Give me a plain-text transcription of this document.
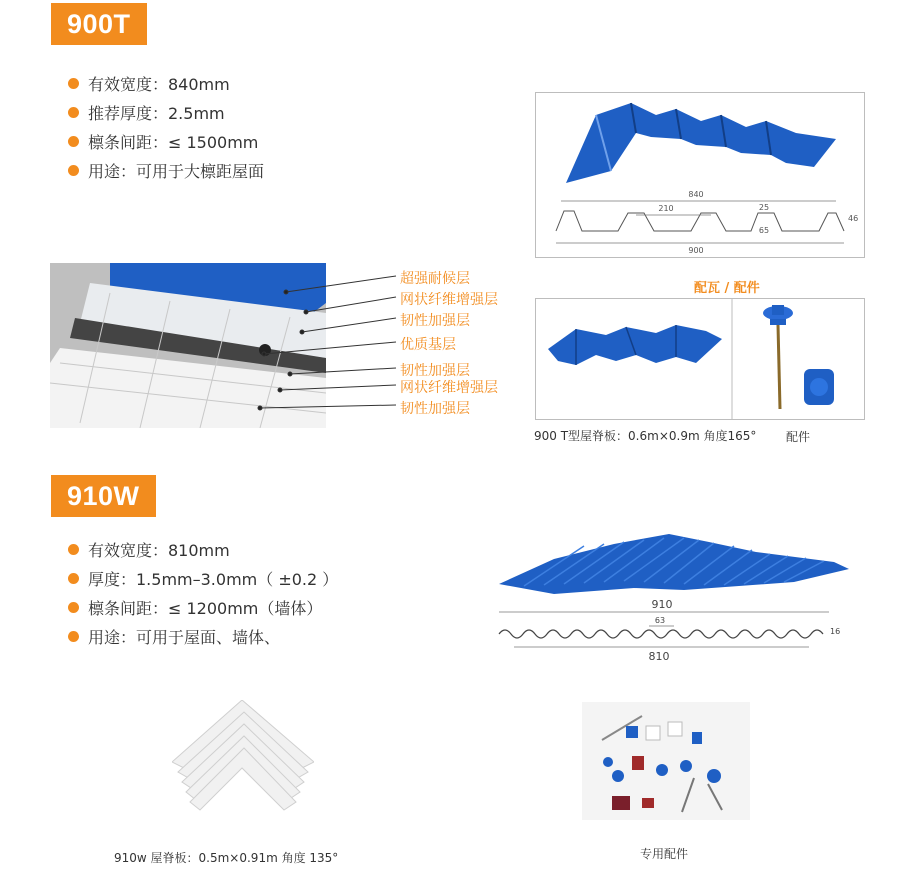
900T
有效宽度：840mm
推荐厚度：2.5mm
檩条间距：≤ 1500mm
用途：可用于大檩距屋面
超强耐候层
网状纤维增强层
韧性加强层
优质基层
韧性加强层
网状纤维增强层
韧性加强层
840
210	25
65
46
900
配瓦 / 配件
900 T型屋脊板：0.6m×0.9m 角度165° 配件
910W
有效宽度：810mm
厚度：1.5mm–3.0mm（ ±0.2 ）
檩条间距：≤ 1200mm（墙体）
用途：可用于屋面、墙体、
910
63
16
810
910w 屋脊板：0.5m×0.91m 角度 135°	专用配件
